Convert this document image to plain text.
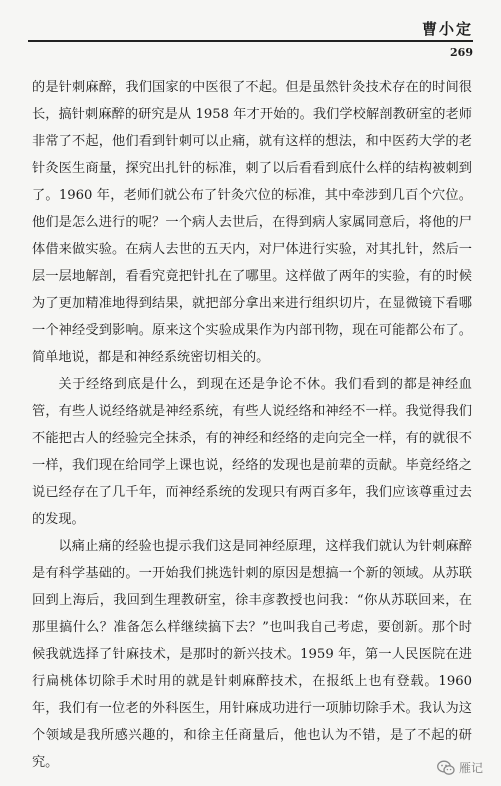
曹小定
269

的是针刺麻醉，我们国家的中医很了不起。但是虽然针灸技术存在的时间很长，搞针刺麻醉的研究是从 1958 年才开始的。我们学校解剖教研室的老师非常了不起，他们看到针刺可以止痛，就有这样的想法，和中医药大学的老针灸医生商量，探究出扎针的标准，刺了以后看看到底什么样的结构被刺到了。1960 年，老师们就公布了针灸穴位的标准，其中牵涉到几百个穴位。他们是怎么进行的呢？一个病人去世后，在得到病人家属同意后，将他的尸体借来做实验。在病人去世的五天内，对尸体进行实验，对其扎针，然后一层一层地解剖，看看究竟把针扎在了哪里。这样做了两年的实验，有的时候为了更加精准地得到结果，就把部分拿出来进行组织切片，在显微镜下看哪一个神经受到影响。原来这个实验成果作为内部刊物，现在可能都公布了。简单地说，都是和神经系统密切相关的。

关于经络到底是什么，到现在还是争论不休。我们看到的都是神经血管，有些人说经络就是神经系统，有些人说经络和神经不一样。我觉得我们不能把古人的经验完全抹杀，有的神经和经络的走向完全一样，有的就很不一样，我们现在给同学上课也说，经络的发现也是前辈的贡献。毕竟经络之说已经存在了几千年，而神经系统的发现只有两百多年，我们应该尊重过去的发现。

以痛止痛的经验也提示我们这是同神经原理，这样我们就认为针刺麻醉是有科学基础的。一开始我们挑选针刺的原因是想搞一个新的领域。从苏联回到上海后，我回到生理教研室，徐丰彦教授也问我：“你从苏联回来，在那里搞什么？准备怎么样继续搞下去？”也叫我自己考虑，要创新。那个时候我就选择了针麻技术，是那时的新兴技术。1959 年，第一人民医院在进行扁桃体切除手术时用的就是针刺麻醉技术，在报纸上也有登载。1960 年，我们有一位老的外科医生，用针麻成功进行一项肺切除手术。我认为这个领域是我所感兴趣的，和徐主任商量后，他也认为不错，是了不起的研究。	雁记
